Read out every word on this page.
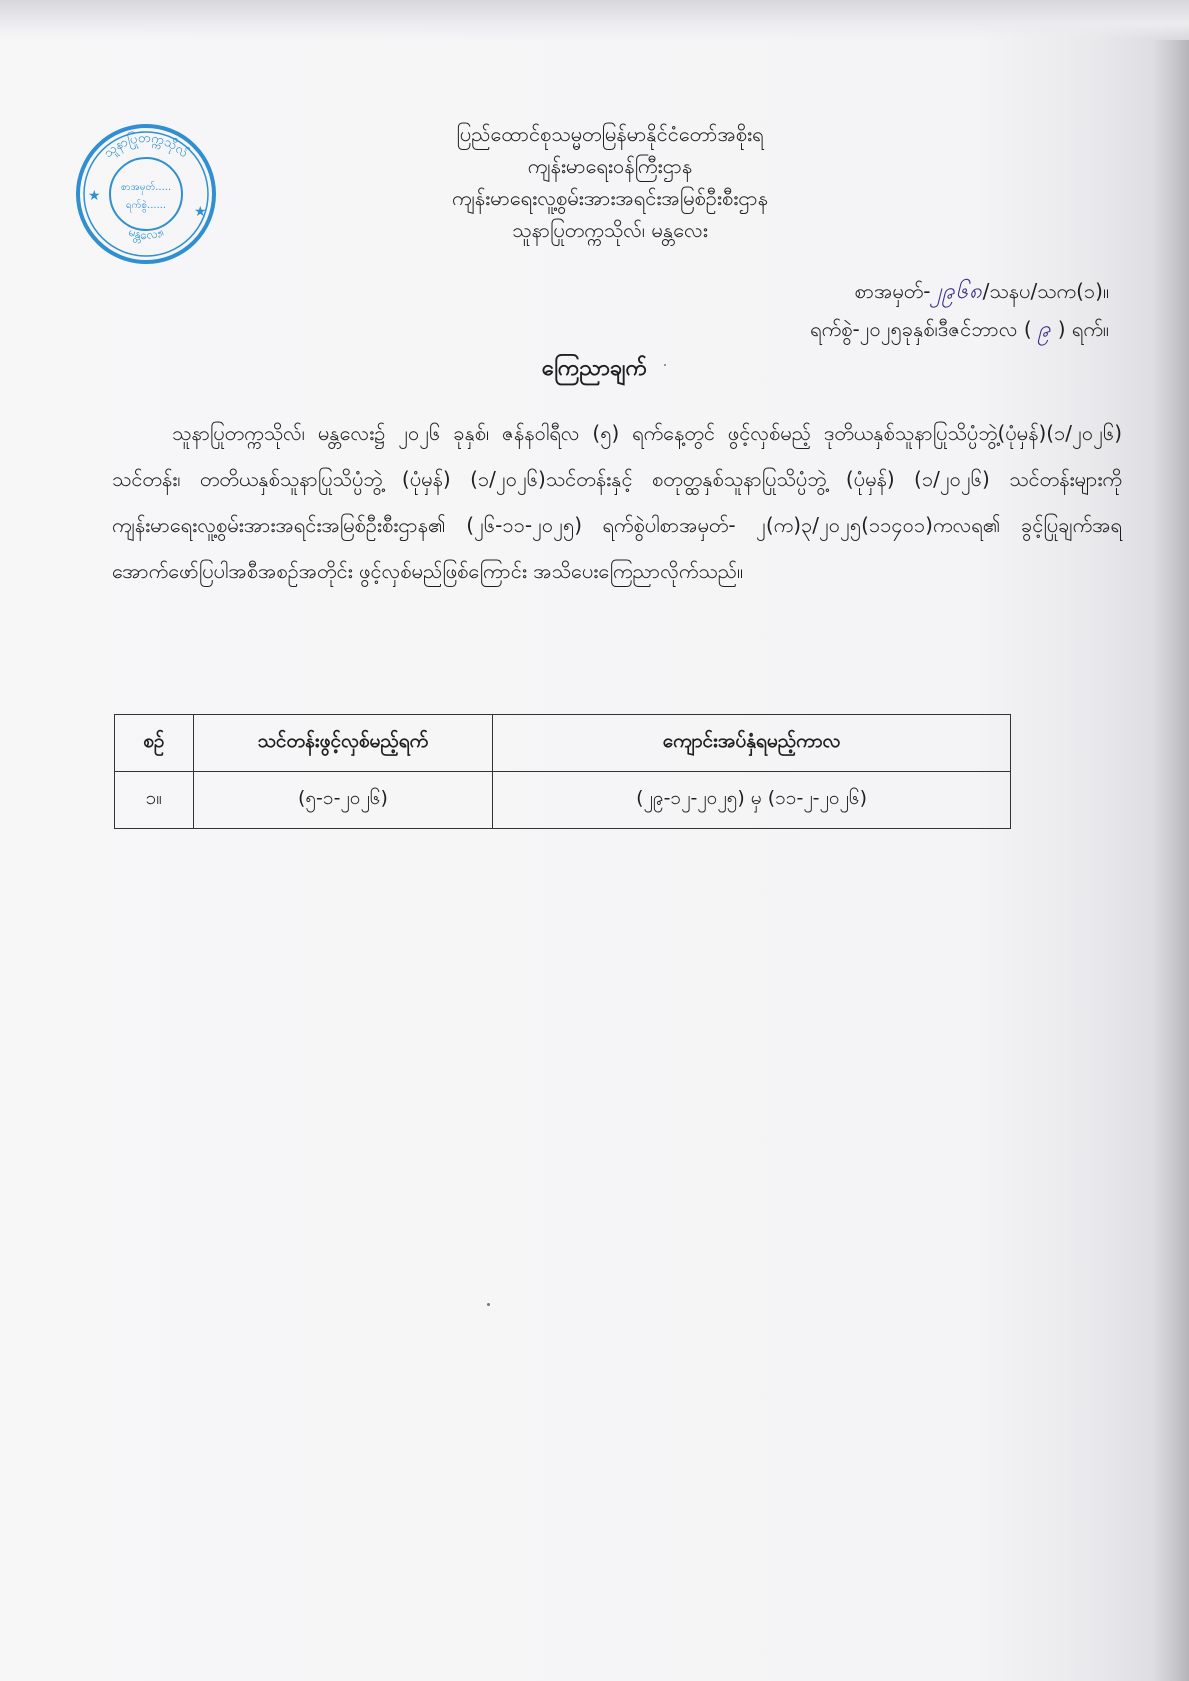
သူနာပြုတက္ကသိုလ်
မန္တလေး။
စာအမှတ်.....
ရက်စွဲ......
★
★
ပြည်ထောင်စုသမ္မတမြန်မာနိုင်ငံတော်အစိုးရ
ကျန်းမာရေးဝန်ကြီးဌာန
ကျန်းမာရေးလူ့စွမ်းအားအရင်းအမြစ်ဦးစီးဌာန
သူနာပြုတက္ကသိုလ်၊ မန္တလေး
စာအမှတ်-၂၉၆၈/သနပ/သက(၁)။
ရက်စွဲ-၂၀၂၅ခုနှစ်၊ဒီဇင်ဘာလ ( ၉ ) ရက်။
ကြေညာချက်
သူနာပြုတက္ကသိုလ်၊ မန္တလေး၌ ၂၀၂၆ ခုနှစ်၊ ဇန်နဝါရီလ (၅) ရက်နေ့တွင် ဖွင့်လှစ်မည့် ဒုတိယနှစ်သူနာပြုသိပ္ပံဘွဲ့(ပုံမှန်)(၁/၂၀၂၆) သင်တန်း၊ တတိယနှစ်သူနာပြုသိပ္ပံဘွဲ့ (ပုံမှန်) (၁/၂၀၂၆)သင်တန်းနှင့် စတုတ္ထနှစ်သူနာပြုသိပ္ပံဘွဲ့ (ပုံမှန်) (၁/၂၀၂၆) သင်တန်းများကို ကျန်းမာရေးလူ့စွမ်းအားအရင်းအမြစ်ဦးစီးဌာန၏ (၂၆-၁၁-၂၀၂၅) ရက်စွဲပါစာအမှတ်- ၂(က)၃/၂၀၂၅(၁၁၄၀၁)ကလရ၏ ခွင့်ပြုချက်အရ အောက်ဖော်ပြပါအစီအစဉ်အတိုင်း ဖွင့်လှစ်မည်ဖြစ်ကြောင်း အသိပေးကြေညာလိုက်သည်။
စဉ်	သင်တန်းဖွင့်လှစ်မည့်ရက်	ကျောင်းအပ်နှံရမည့်ကာလ
၁။	(၅-၁-၂၀၂၆)	(၂၉-၁၂-၂၀၂၅) မှ (၁၁-၂-၂၀၂၆)
